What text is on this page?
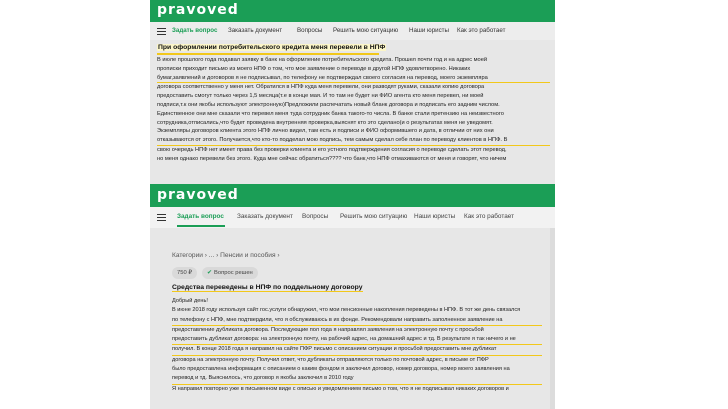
pravoved
Задать вопрос Заказать документ Вопросы Решить мою ситуацию Наши юристы Как это работает
При оформлении потребительского кредита меня перевели в НПФ
В июле прошлого года подавал заявку в банк на оформление потребительского кредита. Прошел почти год и на адрес моей
прописки приходит письмо из моего НПФ о том, что мое заявление о переводе в другой НПФ удовлетворено. Никаких
бумаг,заявлений и договоров я не подписывал, по телефону не подтверждал своего согласия на перевод, моего экземпляра
договора соответственно у меня нет. Обратился в НПФ куда меня перевели, они разводят руками, сказали копию договора
предоставить смогут только через 1,5 месяца(т.е в конце мая. И то там не будет ни ФИО агента кто меня перевел, ни моей
подписи,т.к они якобы используют электронную)Предложили распечатать новый бланк договора и подписать его задним числом.
Единственное они мне сказали что перевел меня туда сотрудник банка такого-то числа. В банке стали претензию на неизвестного
сотрудника,отписались,что будет проведена внутренняя проверка,выяснят кто это сделано(и о результатах меня не уведомят.
Экземпляры договоров клиента этого НПФ лично видел, там есть и подписи и ФИО оформившего и дата, в отличии от них они
отказываются от этого. Получается,что кто-то подделал мою подпись, тем самым сделал себе план по переводу клиентов в НПФ. В
свою очередь НПФ нет имеет права без проверки клиента и его устного подтверждения согласия о переводе сделать этот перевод,
но меня однако перевели без этого. Куда мне сейчас обратиться???? что банк,что НПФ отмахиваются от меня и говорят, что ничем
pravoved
Задать вопрос Заказать документ Вопросы Решить мою ситуацию Наши юристы Как это работает
Категории › ... › Пенсии и пособия ›
750 ₽	✔ Вопрос решен
Средства переведены в НПФ по поддельному договору
Добрый день!
В июне 2018 году используя сайт гос.услуги обнаружил, что мои пенсионные накопления переведены в НПФ. В тот же день связался
по телефону с НПФ, мне подтвердили, что я обслуживаюсь в их фонде. Рекомендовали направить заполненное заявление на
предоставление дубликата договора. Последующие пол года я направлял заявления на электронную почту с просьбой
предоставить дубликат договора: на электронную почту, на рабочий адрес, на домашний адрес и тд. В результате я так ничего и не
получил. В конце 2018 года я направил на сайте ПФР письмо с описанием ситуации и просьбой предоставить мне дубликат
договора на электронную почту. Получил ответ, что дубликаты отправляются только по почтовой адрес, в письме от ПФР
было предоставлена информация с описанием о каким фондом я заключил договор, номер договора, номер моего заявления на
перевод и тд. Выяснилось, что договор я якобы заключил в 2010 году
Я направил повторно уже в письменном виде с описью и уведомлением письмо о том, что я не подписывал никаких договоров и
